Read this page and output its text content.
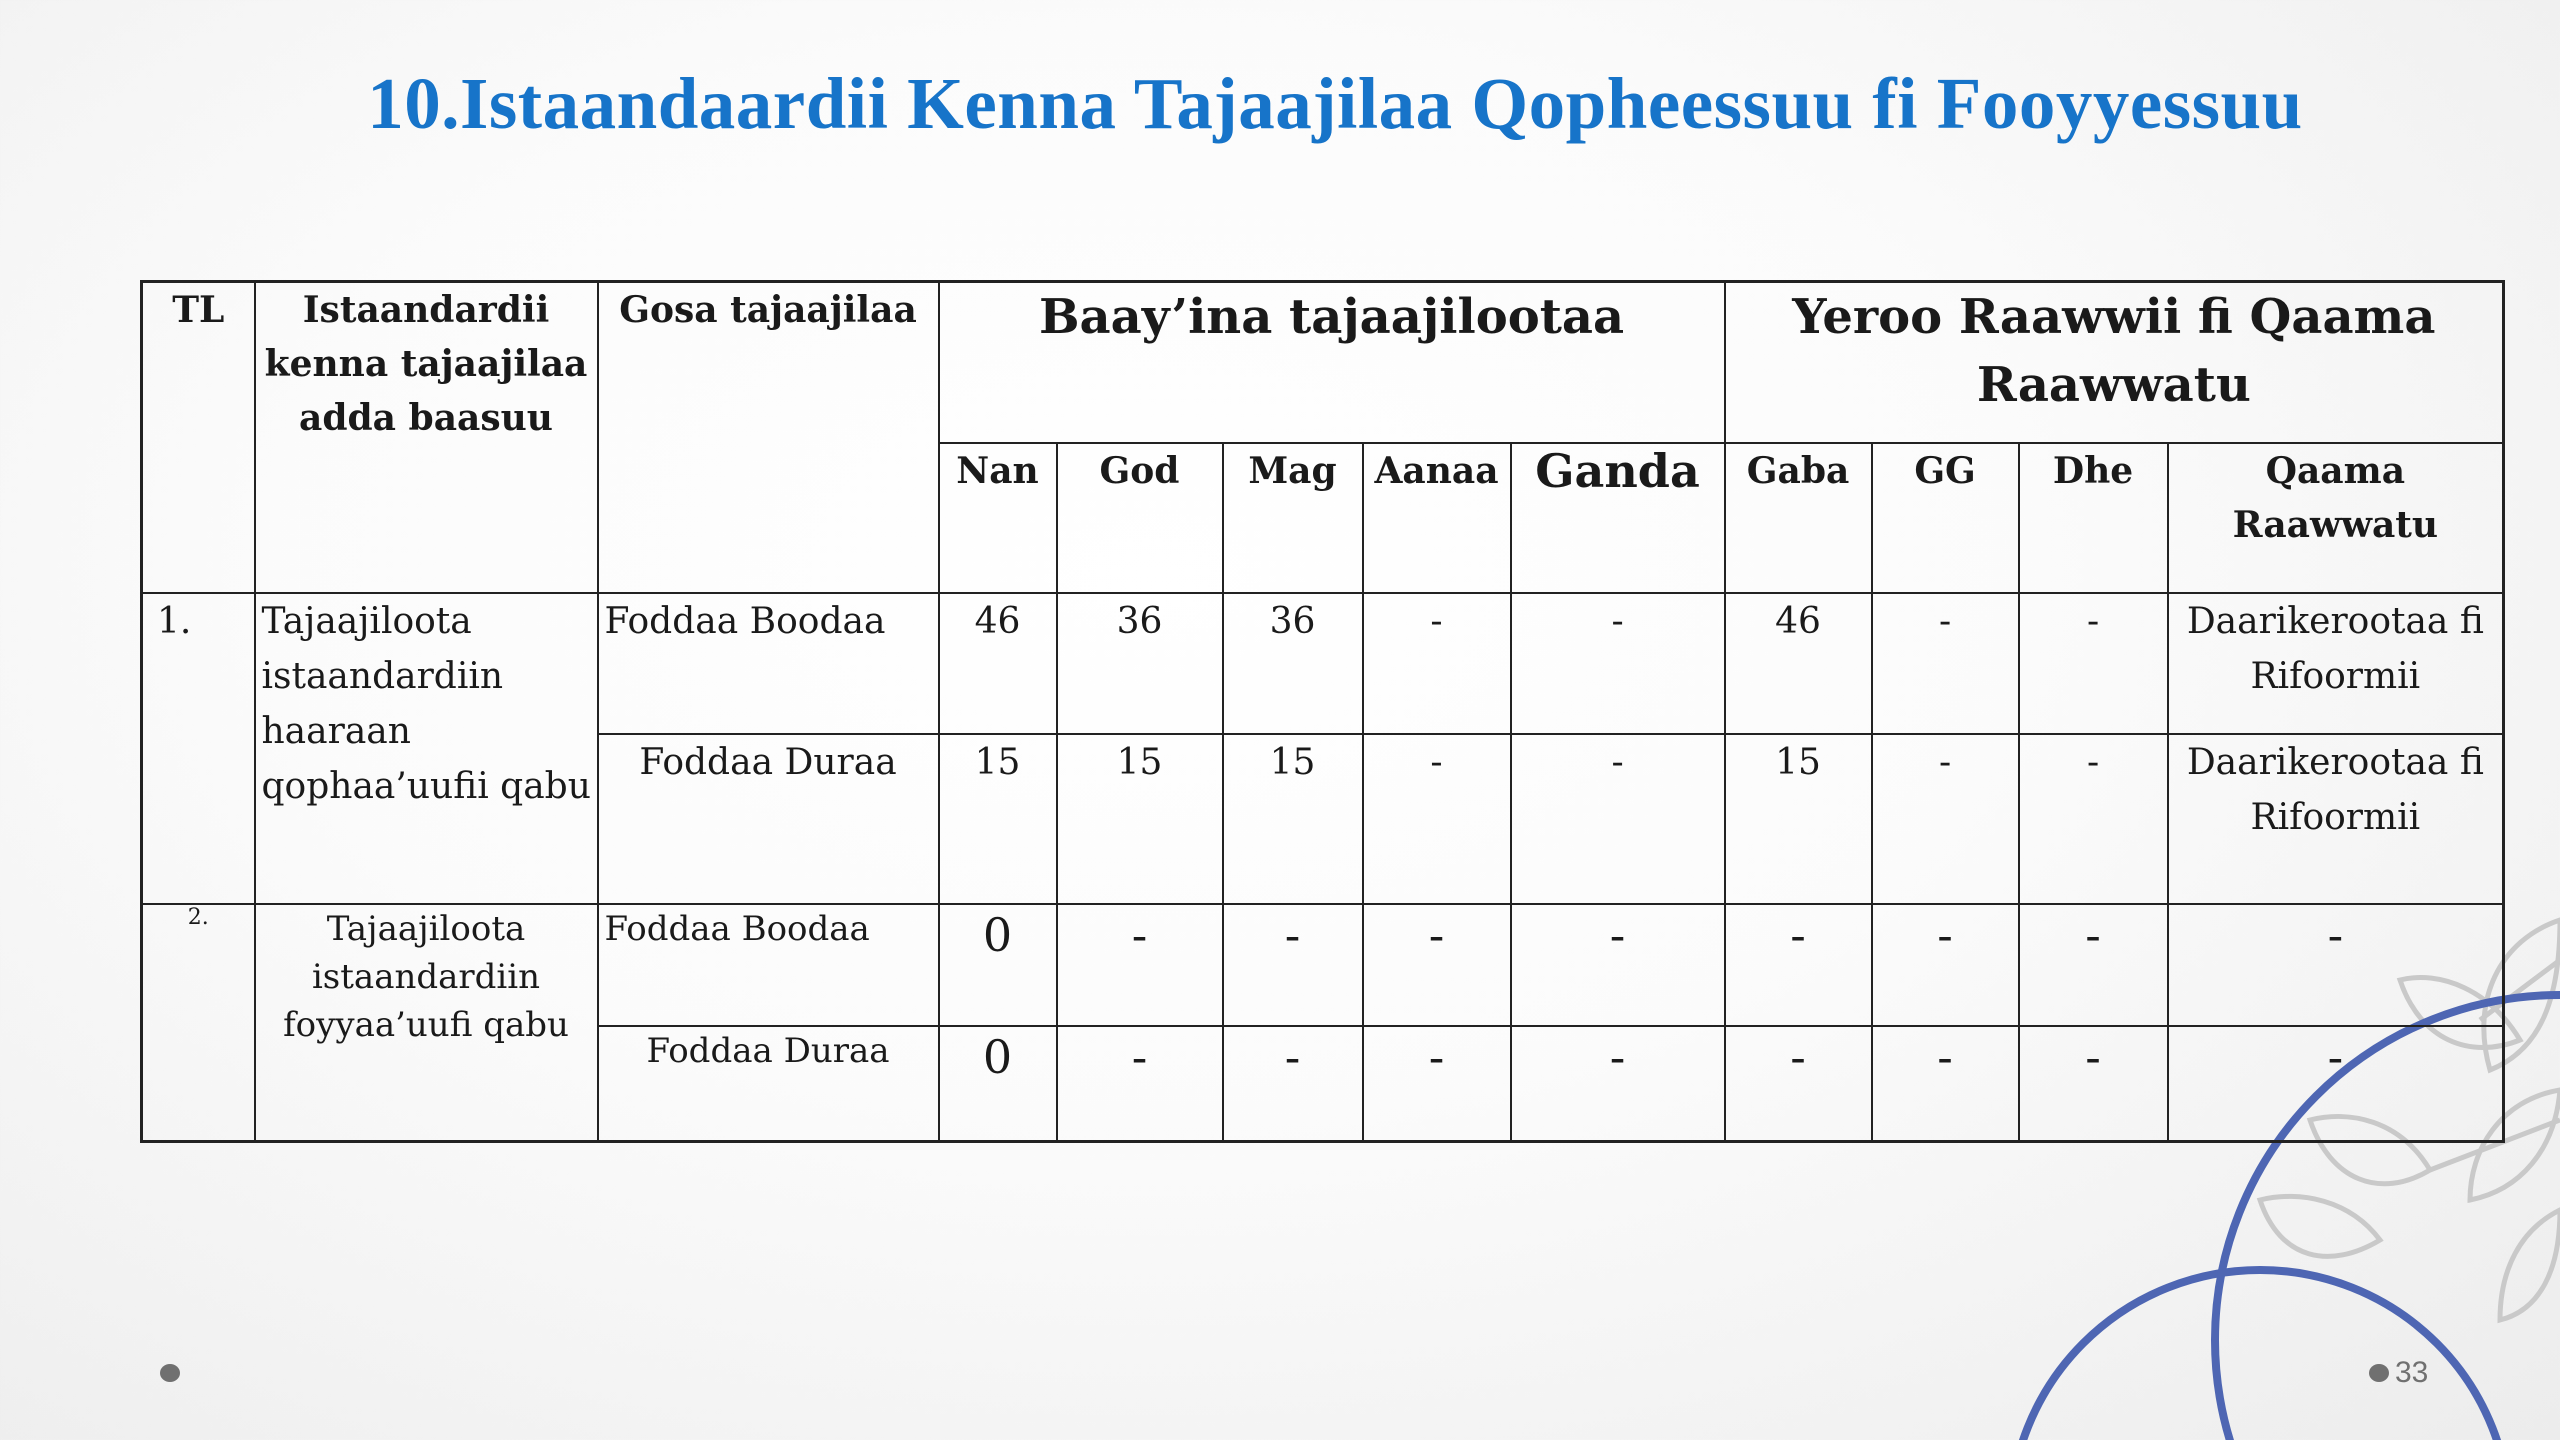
10.Istaandaardii Kenna Tajaajilaa Qopheessuu fi Fooyyessuu
TL	Istaandardii kenna tajaajilaa adda baasuu	Gosa tajaajilaa	Baay’ina tajaajilootaa					Yeroo Raawwii fi Qaama Raawwatu			
			Nan	God	Mag	Aanaa	Ganda	Gaba	GG	Dhe	Qaama Raawwatu
1.	Tajaajiloota istaandardiin haaraan qophaa’uufii qabu	Foddaa Boodaa	46	36	36	-	-	46	-	-	Daarikerootaa fi Rifoormii
		Foddaa Duraa	15	15	15	-	-	15	-	-	Daarikerootaa fi Rifoormii
2.	Tajaajiloota istaandardiin foyyaa’uufi qabu	Foddaa Boodaa	0	-	-	-	-	-	-	-	-
		Foddaa Duraa	0	-	-	-	-	-	-	-	-
33
